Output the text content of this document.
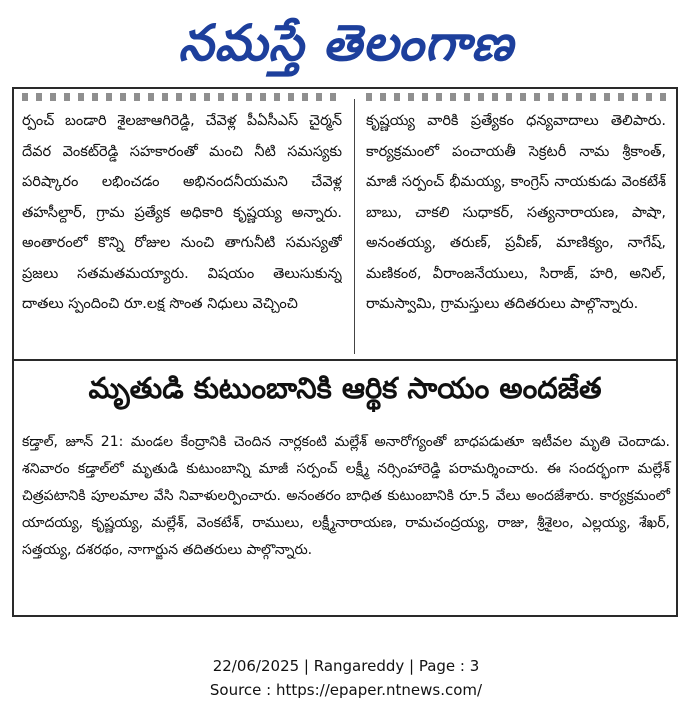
నమస్తే తెలంగాణ

ర్పంచ్ బండారి శైలజాఆగిరెడ్డి, చేవెళ్ల పీఏసీఎస్ చైర్మన్ దేవర వెంకట్‌రెడ్డి సహకారంతో మంచి నీటి సమస్యకు పరిష్కారం లభించడం అభినందనీయమని చేవెళ్ల తహసీల్దార్, గ్రామ ప్రత్యేక అధికారి కృష్ణయ్య అన్నారు. అంతారంలో కొన్ని రోజుల నుంచి తాగునీటి సమస్యతో ప్రజలు సతమతమయ్యారు. విషయం తెలుసుకున్న దాతలు స్పందించి రూ.లక్ష సొంత నిధులు వెచ్చించి

కృష్ణయ్య వారికి ప్రత్యేకం ధన్యవాదాలు తెలిపారు. కార్యక్రమంలో పంచాయతీ సెక్రటరీ నామ శ్రీకాంత్, మాజీ సర్పంచ్ భీమయ్య, కాంగ్రెస్ నాయకుడు వెంకటేశ్ బాబు, చాకలి సుధాకర్, సత్యనారాయణ, పాషా, అనంతయ్య, తరుణ్, ప్రవీణ్, మాణిక్యం, నాగేష్, మణికంఠ, వీరాంజనేయులు, సిరాజ్, హరి, అనిల్, రామస్వామి, గ్రామస్తులు తదితరులు పాల్గొన్నారు.

మృతుడి కుటుంబానికి ఆర్థిక సాయం అందజేత

కడ్తాల్, జూన్ 21: మండల కేంద్రానికి చెందిన నార్లకంటి మల్లేశ్ అనారోగ్యంతో బాధపడుతూ ఇటీవల మృతి చెందాడు. శనివారం కడ్తాల్‌లో మృతుడి కుటుంబాన్ని మాజీ సర్పంచ్ లక్ష్మీ నర్సింహారెడ్డి పరామర్శించారు. ఈ సందర్భంగా మల్లేశ్ చిత్రపటానికి పూలమాల వేసి నివాళులర్పించారు. అనంతరం బాధిత కుటుంబానికి రూ.5 వేలు అందజేశారు. కార్యక్రమంలో యాదయ్య, కృష్ణయ్య, మల్లేశ్, వెంకటేశ్, రాములు, లక్ష్మీనారాయణ, రామచంద్రయ్య, రాజు, శ్రీశైలం, ఎల్లయ్య, శేఖర్, సత్తయ్య, దశరథం, నాగార్జున తదితరులు పాల్గొన్నారు.

22/06/2025 | Rangareddy | Page : 3
Source : https://epaper.ntnews.com/
